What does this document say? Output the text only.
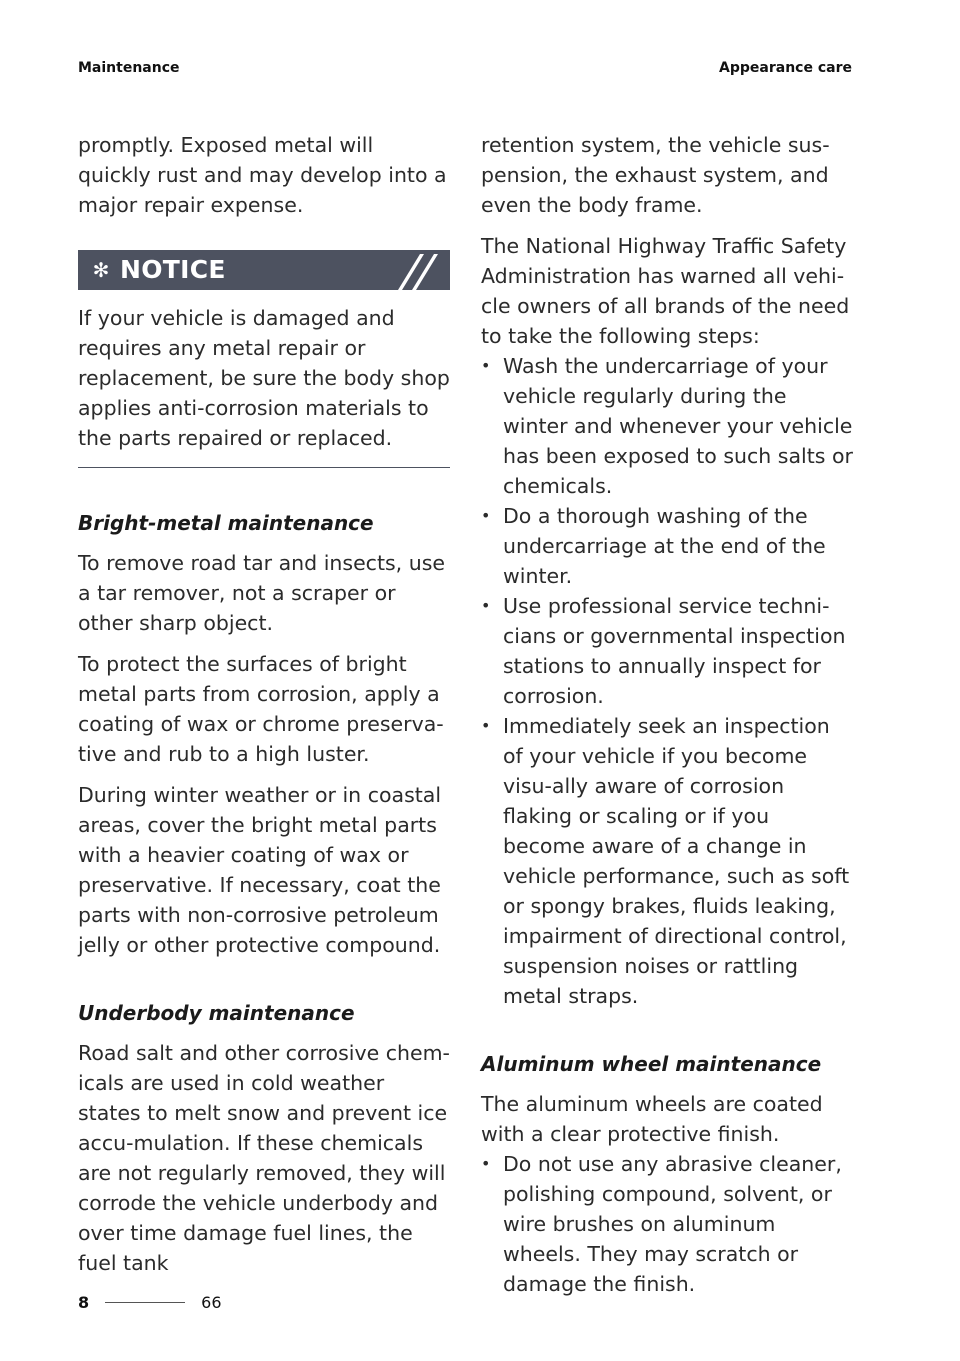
Maintenance	Appearance care

promptly. Exposed metal will quickly rust and may develop into a major repair expense.

✻ NOTICE

If your vehicle is damaged and requires any metal repair or replacement, be sure the body shop applies anti-corrosion materials to the parts repaired or replaced.

Bright-metal maintenance

To remove road tar and insects, use a tar remover, not a scraper or other sharp object.

To protect the surfaces of bright metal parts from corrosion, apply a coating of wax or chrome preserva-tive and rub to a high luster.

During winter weather or in coastal areas, cover the bright metal parts with a heavier coating of wax or preservative. If necessary, coat the parts with non-corrosive petroleum jelly or other protective compound.

Underbody maintenance

Road salt and other corrosive chem-icals are used in cold weather states to melt snow and prevent ice accu-mulation. If these chemicals are not regularly removed, they will corrode the vehicle underbody and over time damage fuel lines, the fuel tank

retention system, the vehicle sus-pension, the exhaust system, and even the body frame.

The National Highway Traffic Safety Administration has warned all vehi-cle owners of all brands of the need to take the following steps:

• Wash the undercarriage of your vehicle regularly during the winter and whenever your vehicle has been exposed to such salts or chemicals.
• Do a thorough washing of the undercarriage at the end of the winter.
• Use professional service techni-cians or governmental inspection stations to annually inspect for corrosion.
• Immediately seek an inspection of your vehicle if you become visu-ally aware of corrosion flaking or scaling or if you become aware of a change in vehicle performance, such as soft or spongy brakes, fluids leaking, impairment of directional control, suspension noises or rattling metal straps.
Aluminum wheel maintenance

The aluminum wheels are coated with a clear protective finish.

• Do not use any abrasive cleaner, polishing compound, solvent, or wire brushes on aluminum wheels. They may scratch or damage the finish.
8	66
